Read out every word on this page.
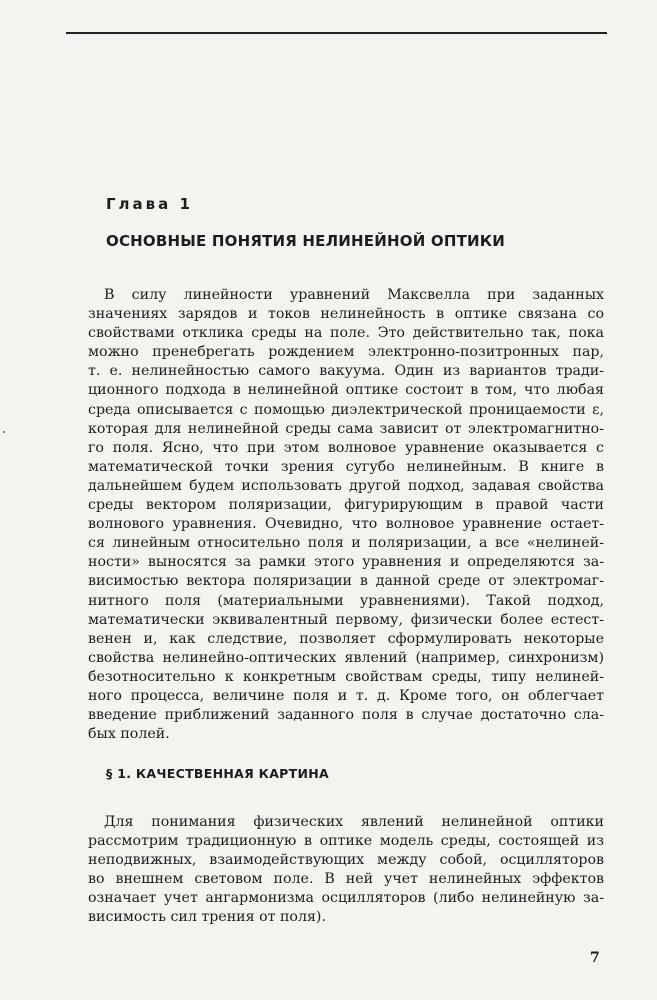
Глава 1
ОСНОВНЫЕ ПОНЯТИЯ НЕЛИНЕЙНОЙ ОПТИКИ
В силу линейности уравнений Максвелла при заданных
значениях зарядов и токов нелинейность в оптике связана со
свойствами отклика среды на поле. Это действительно так, пока
можно пренебрегать рождением электронно-позитронных пар,
т. е. нелинейностью самого вакуума. Один из вариантов тради-
ционного подхода в нелинейной оптике состоит в том, что любая
среда описывается с помощью диэлектрической проницаемости ε,
которая для нелинейной среды сама зависит от электромагнитно-
го поля. Ясно, что при этом волновое уравнение оказывается с
математической точки зрения сугубо нелинейным. В книге в
дальнейшем будем использовать другой подход, задавая свойства
среды вектором поляризации, фигурирующим в правой части
волнового уравнения. Очевидно, что волновое уравнение остает-
ся линейным относительно поля и поляризации, а все «нелиней-
ности» выносятся за рамки этого уравнения и определяются за-
висимостью вектора поляризации в данной среде от электромаг-
нитного поля (материальными уравнениями). Такой подход,
математически эквивалентный первому, физически более естест-
венен и, как следствие, позволяет сформулировать некоторые
свойства нелинейно-оптических явлений (например, синхронизм)
безотносительно к конкретным свойствам среды, типу нелиней-
ного процесса, величине поля и т. д. Кроме того, он облегчает
введение приближений заданного поля в случае достаточно сла-
бых полей.
§ 1. КАЧЕСТВЕННАЯ КАРТИНА
Для понимания физических явлений нелинейной оптики
рассмотрим традиционную в оптике модель среды, состоящей из
неподвижных, взаимодействующих между собой, осцилляторов
во внешнем световом поле. В ней учет нелинейных эффектов
означает учет ангармонизма осцилляторов (либо нелинейную за-
висимость сил трения от поля).
7
